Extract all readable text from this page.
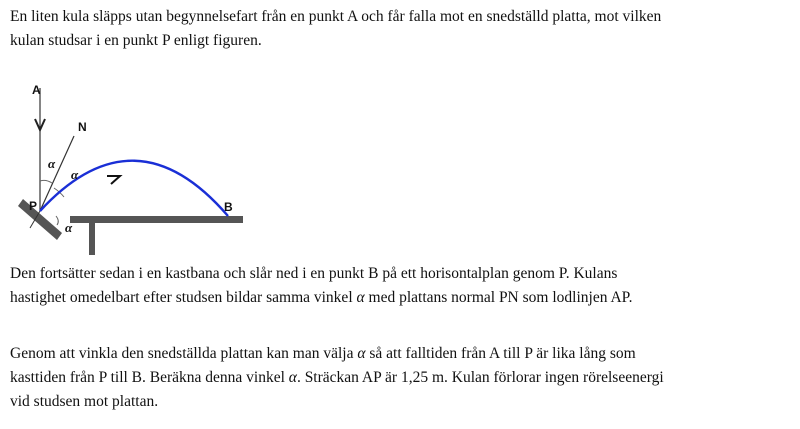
En liten kula släpps utan begynnelsefart från en punkt A och får falla mot en snedställd platta, mot vilken
kulan studsar i en punkt P enligt figuren.
A
N
P	B
α
α
α
Den fortsätter sedan i en kastbana och slår ned i en punkt B på ett horisontalplan genom P. Kulans
hastighet omedelbart efter studsen bildar samma vinkel α med plattans normal PN som lodlinjen AP.
Genom att vinkla den snedställda plattan kan man välja α så att falltiden från A till P är lika lång som
kasttiden från P till B. Beräkna denna vinkel α. Sträckan AP är 1,25 m. Kulan förlorar ingen rörelseenergi
vid studsen mot plattan.
